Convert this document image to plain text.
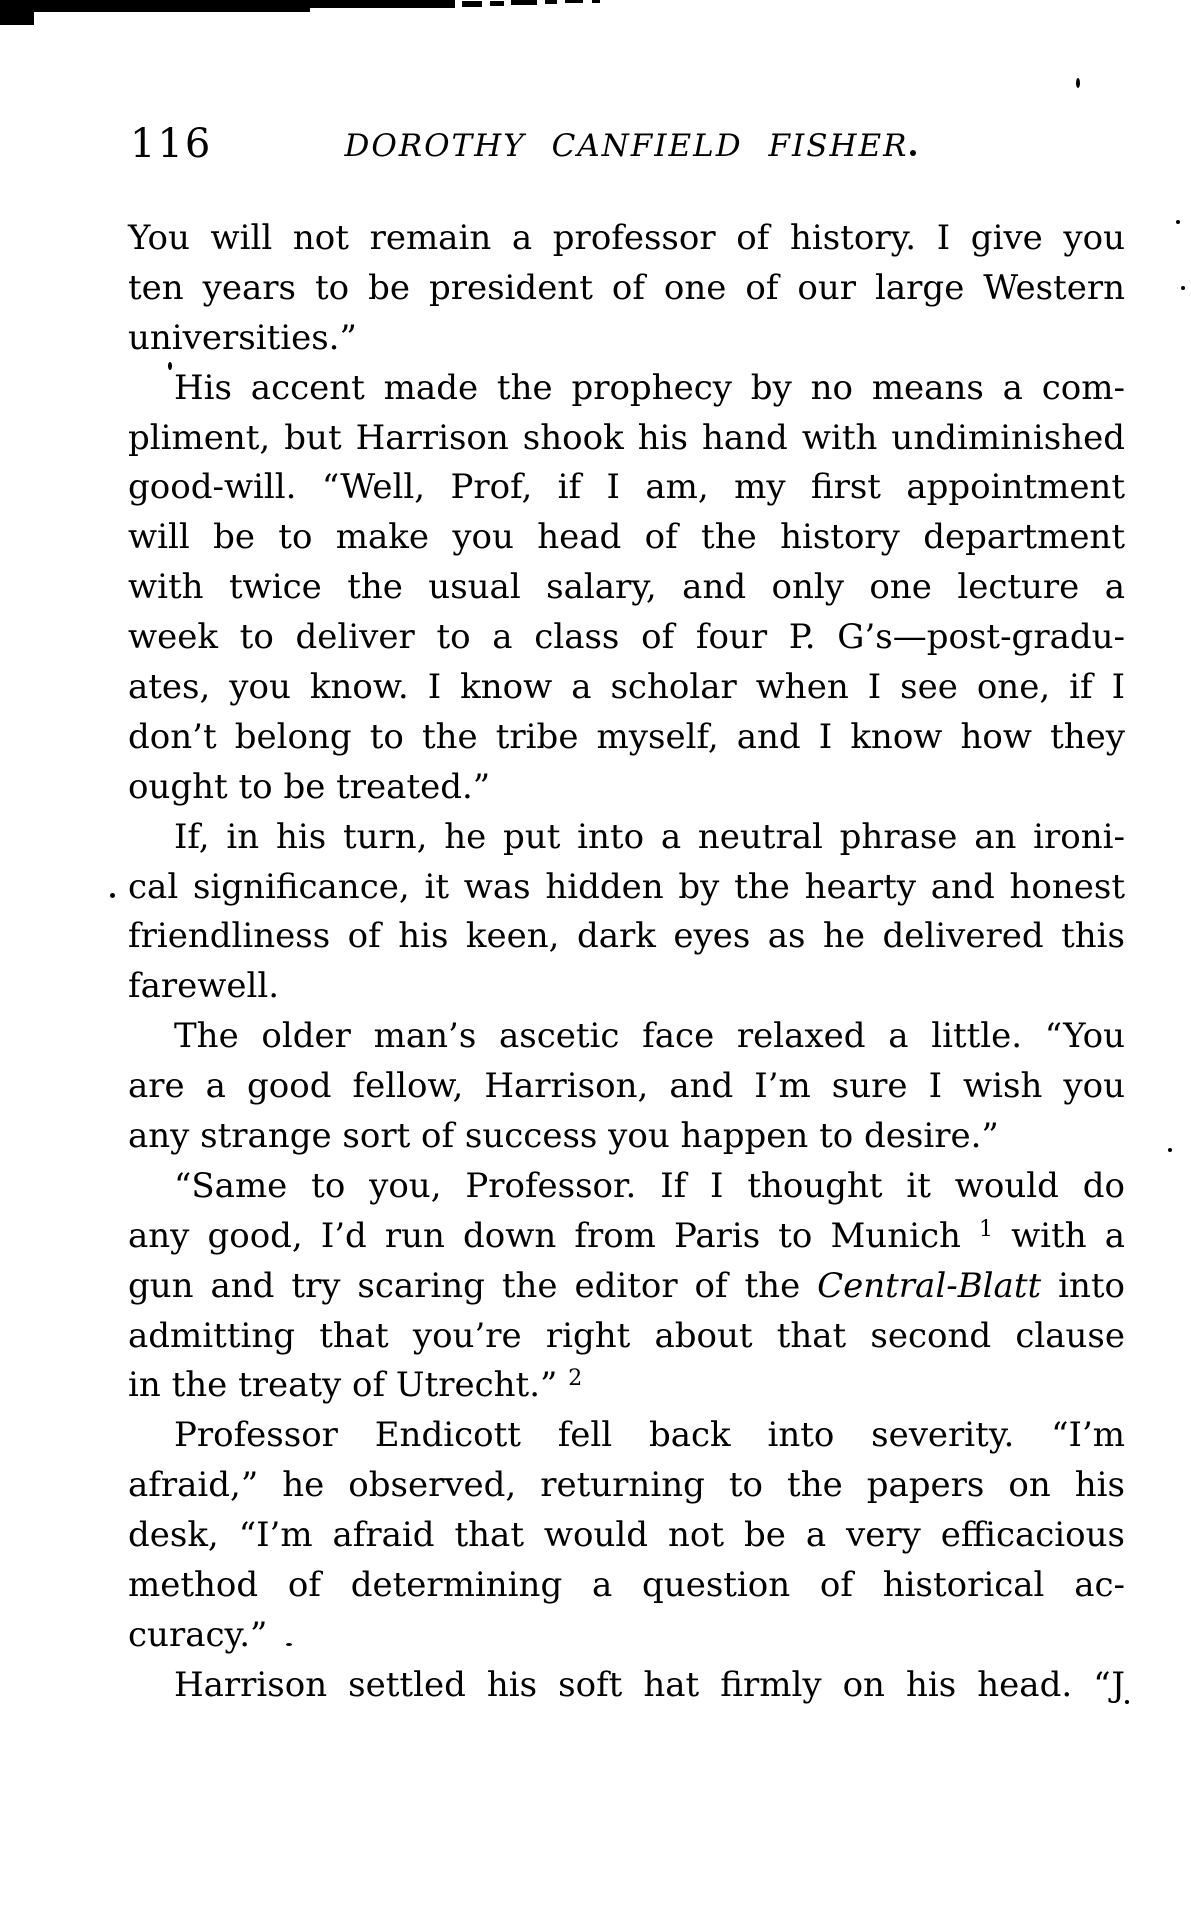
116	DOROTHY CANFIELD FISHER
You will not remain a professor of history. I give you
ten years to be president of one of our large Western
universities.”
His accent made the prophecy by no means a com-
pliment, but Harrison shook his hand with undiminished
good-will. “Well, Prof, if I am, my first appointment
will be to make you head of the history department
with twice the usual salary, and only one lecture a
week to deliver to a class of four P. G’s—post-gradu-
ates, you know. I know a scholar when I see one, if I
don’t belong to the tribe myself, and I know how they
ought to be treated.”
If, in his turn, he put into a neutral phrase an ironi-
cal significance, it was hidden by the hearty and honest
friendliness of his keen, dark eyes as he delivered this
farewell.
The older man’s ascetic face relaxed a little. “You
are a good fellow, Harrison, and I’m sure I wish you
any strange sort of success you happen to desire.”
“Same to you, Professor. If I thought it would do
any good, I’d run down from Paris to Munich $^1$ with a
gun and try scaring the editor of the Central-Blatt into
admitting that you’re right about that second clause
in the treaty of Utrecht.” $^2$
Professor Endicott fell back into severity. “I’m
afraid,” he observed, returning to the papers on his
desk, “I’m afraid that would not be a very efficacious
method of determining a question of historical ac-
curacy.”
Harrison settled his soft hat firmly on his head. “J
